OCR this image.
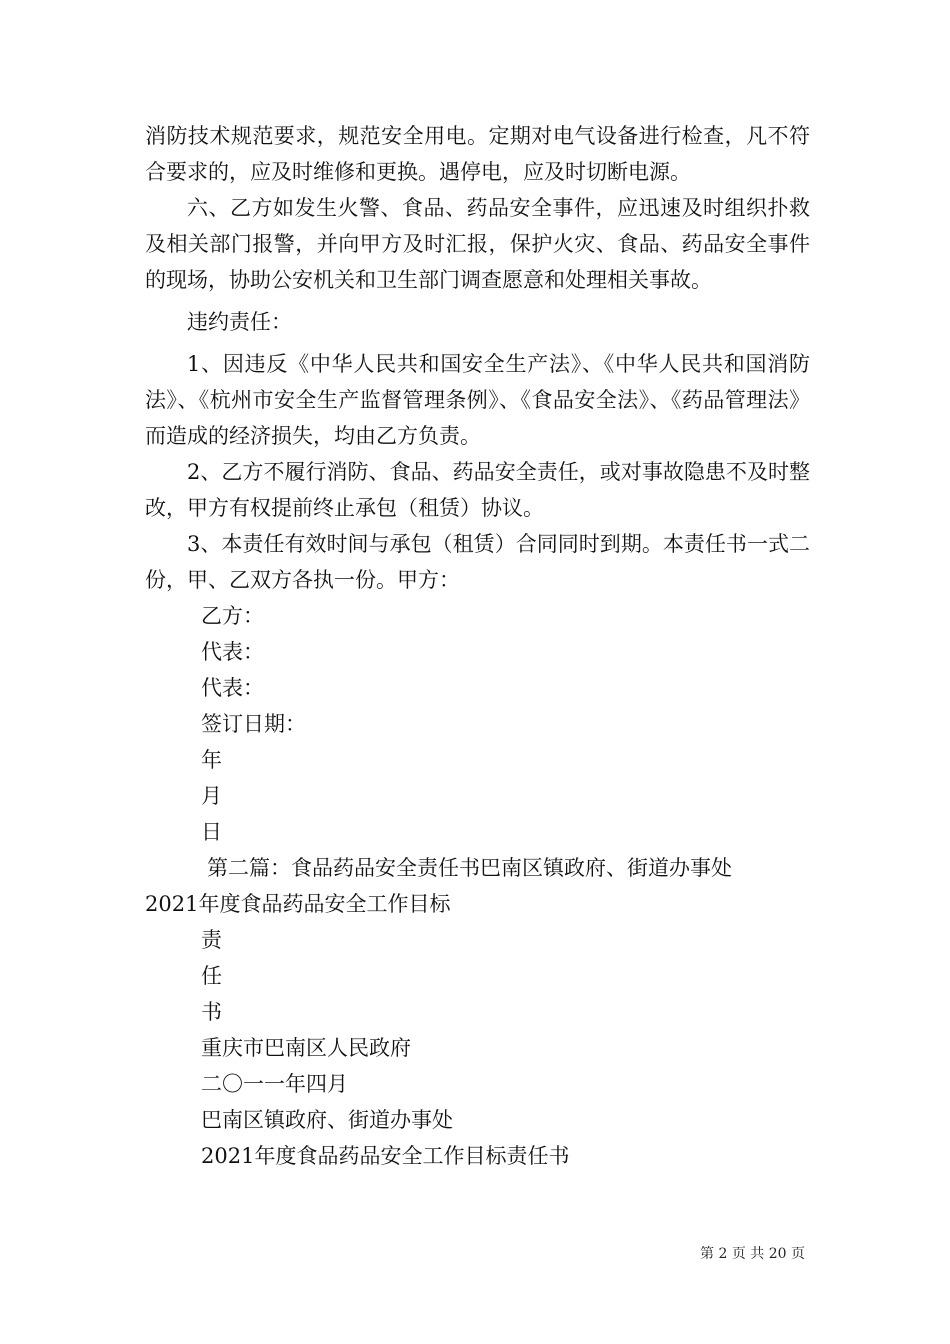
消防技术规范要求，规范安全用电。定期对电气设备进行检查，凡不符合要求的，应及时维修和更换。遇停电，应及时切断电源。

六、乙方如发生火警、食品、药品安全事件，应迅速及时组织扑救及相关部门报警，并向甲方及时汇报，保护火灾、食品、药品安全事件的现场，协助公安机关和卫生部门调查愿意和处理相关事故。

违约责任：

1、因违反《中华人民共和国安全生产法》、《中华人民共和国消防法》、《杭州市安全生产监督管理条例》、《食品安全法》、《药品管理法》而造成的经济损失，均由乙方负责。

2、乙方不履行消防、食品、药品安全责任，或对事故隐患不及时整改，甲方有权提前终止承包（租赁）协议。

3、本责任有效时间与承包（租赁）合同同时到期。本责任书一式二份，甲、乙双方各执一份。甲方：

乙方：

代表：

代表：

签订日期：

年

月

日

第二篇：食品药品安全责任书巴南区镇政府、街道办事处

2021年度食品药品安全工作目标

责

任

书

重庆市巴南区人民政府

二〇一一年四月

巴南区镇政府、街道办事处

2021年度食品药品安全工作目标责任书

第 2 页 共 20 页
